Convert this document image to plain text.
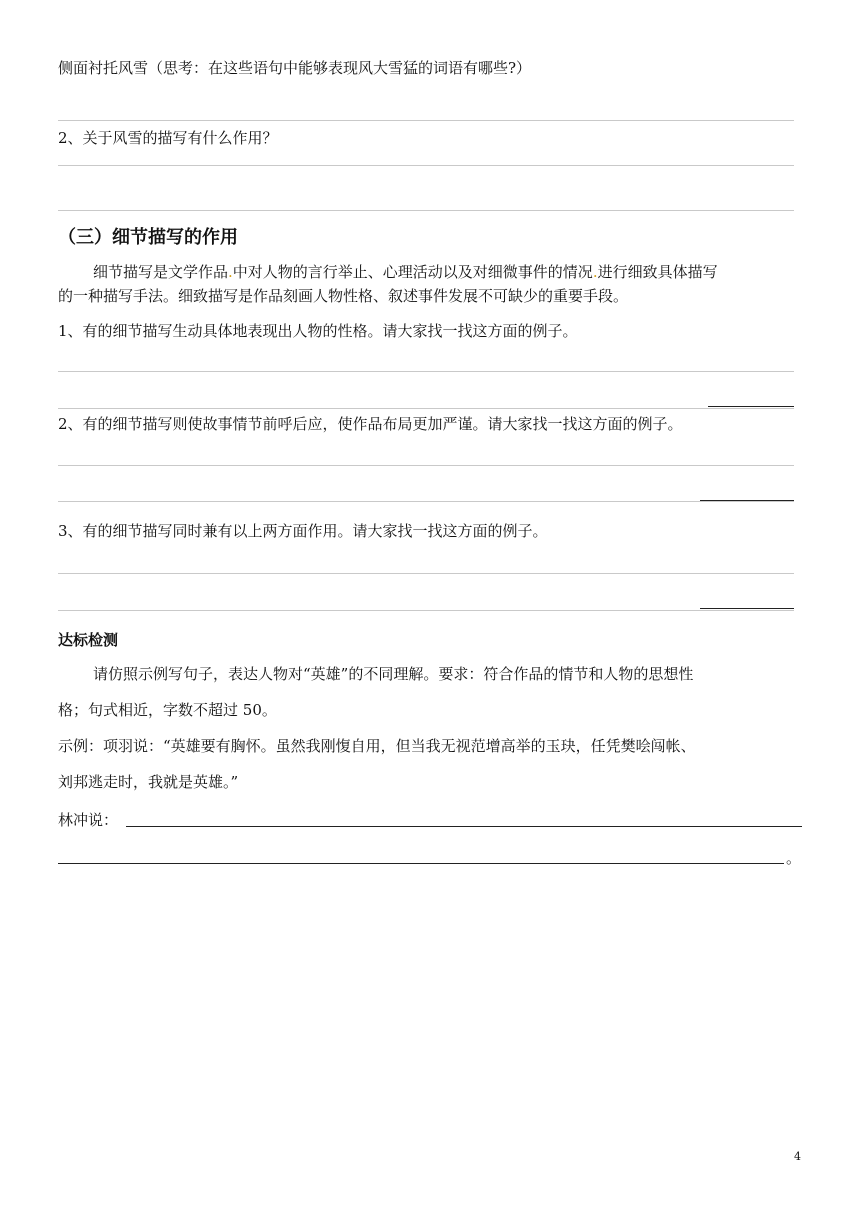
侧面衬托风雪（思考：在这些语句中能够表现风大雪猛的词语有哪些?）
2、关于风雪的描写有什么作用？
（三）细节描写的作用
细节描写是文学作品.中对人物的言行举止、心理活动以及对细微事件的情况.进行细致具体描写
的一种描写手法。细致描写是作品刻画人物性格、叙述事件发展不可缺少的重要手段。
1、有的细节描写生动具体地表现出人物的性格。请大家找一找这方面的例子。
2、有的细节描写则使故事情节前呼后应，使作品布局更加严谨。请大家找一找这方面的例子。
3、有的细节描写同时兼有以上两方面作用。请大家找一找这方面的例子。
达标检测
请仿照示例写句子，表达人物对“英雄”的不同理解。要求：符合作品的情节和人物的思想性
格；句式相近，字数不超过 50。
示例：项羽说：“英雄要有胸怀。虽然我刚愎自用，但当我无视范增高举的玉玦，任凭樊哙闯帐、
刘邦逃走时，我就是英雄。”
林冲说：
。
4
